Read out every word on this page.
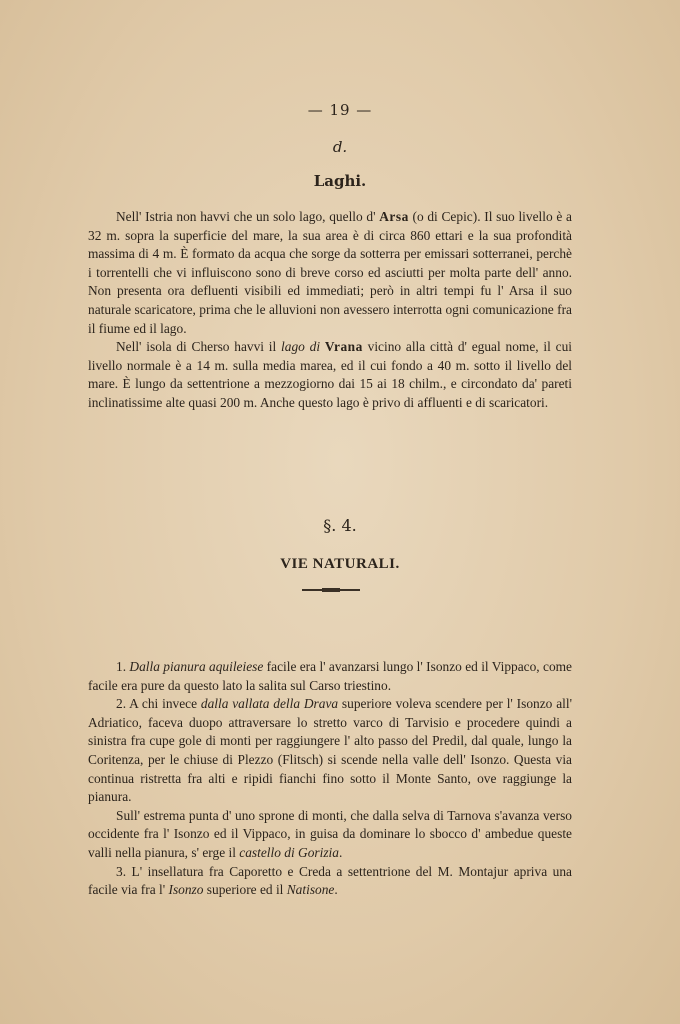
— 19 —
d.
Laghi.

Nell' Istria non havvi che un solo lago, quello d' Arsa (o di Cepic). Il suo livello è a 32 m. sopra la superficie del mare, la sua area è di circa 860 ettari e la sua profondità massima di 4 m. È formato da acqua che sorge da sotterra per emissari sotterranei, perchè i torrentelli che vi influiscono sono di breve corso ed asciutti per molta parte dell' anno. Non presenta ora defluenti visibili ed immediati; però in altri tempi fu l' Arsa il suo naturale scaricatore, prima che le alluvioni non avessero interrotta ogni comunicazione fra il fiume ed il lago.

Nell' isola di Cherso havvi il lago di Vrana vicino alla città d' egual nome, il cui livello normale è a 14 m. sulla media marea, ed il cui fondo a 40 m. sotto il livello del mare. È lungo da settentrione a mezzogiorno dai 15 ai 18 chilm., e circondato da' pareti inclinatissime alte quasi 200 m. Anche questo lago è privo di affluenti e di scaricatori.

§. 4.
VIE NATURALI.

1. Dalla pianura aquileiese facile era l' avanzarsi lungo l' Isonzo ed il Vippaco, come facile era pure da questo lato la salita sul Carso triestino.

2. A chi invece dalla vallata della Drava superiore voleva scendere per l' Isonzo all' Adriatico, faceva duopo attraversare lo stretto varco di Tarvisio e procedere quindi a sinistra fra cupe gole di monti per raggiungere l' alto passo del Predil, dal quale, lungo la Coritenza, per le chiuse di Plezzo (Flitsch) si scende nella valle dell' Isonzo. Questa via continua ristretta fra alti e ripidi fianchi fino sotto il Monte Santo, ove raggiunge la pianura.

Sull' estrema punta d' uno sprone di monti, che dalla selva di Tarnova s'avanza verso occidente fra l' Isonzo ed il Vippaco, in guisa da dominare lo sbocco d' ambedue queste valli nella pianura, s' erge il castello di Gorizia.

3. L' insellatura fra Caporetto e Creda a settentrione del M. Montajur apriva una facile via fra l' Isonzo superiore ed il Natisone.
